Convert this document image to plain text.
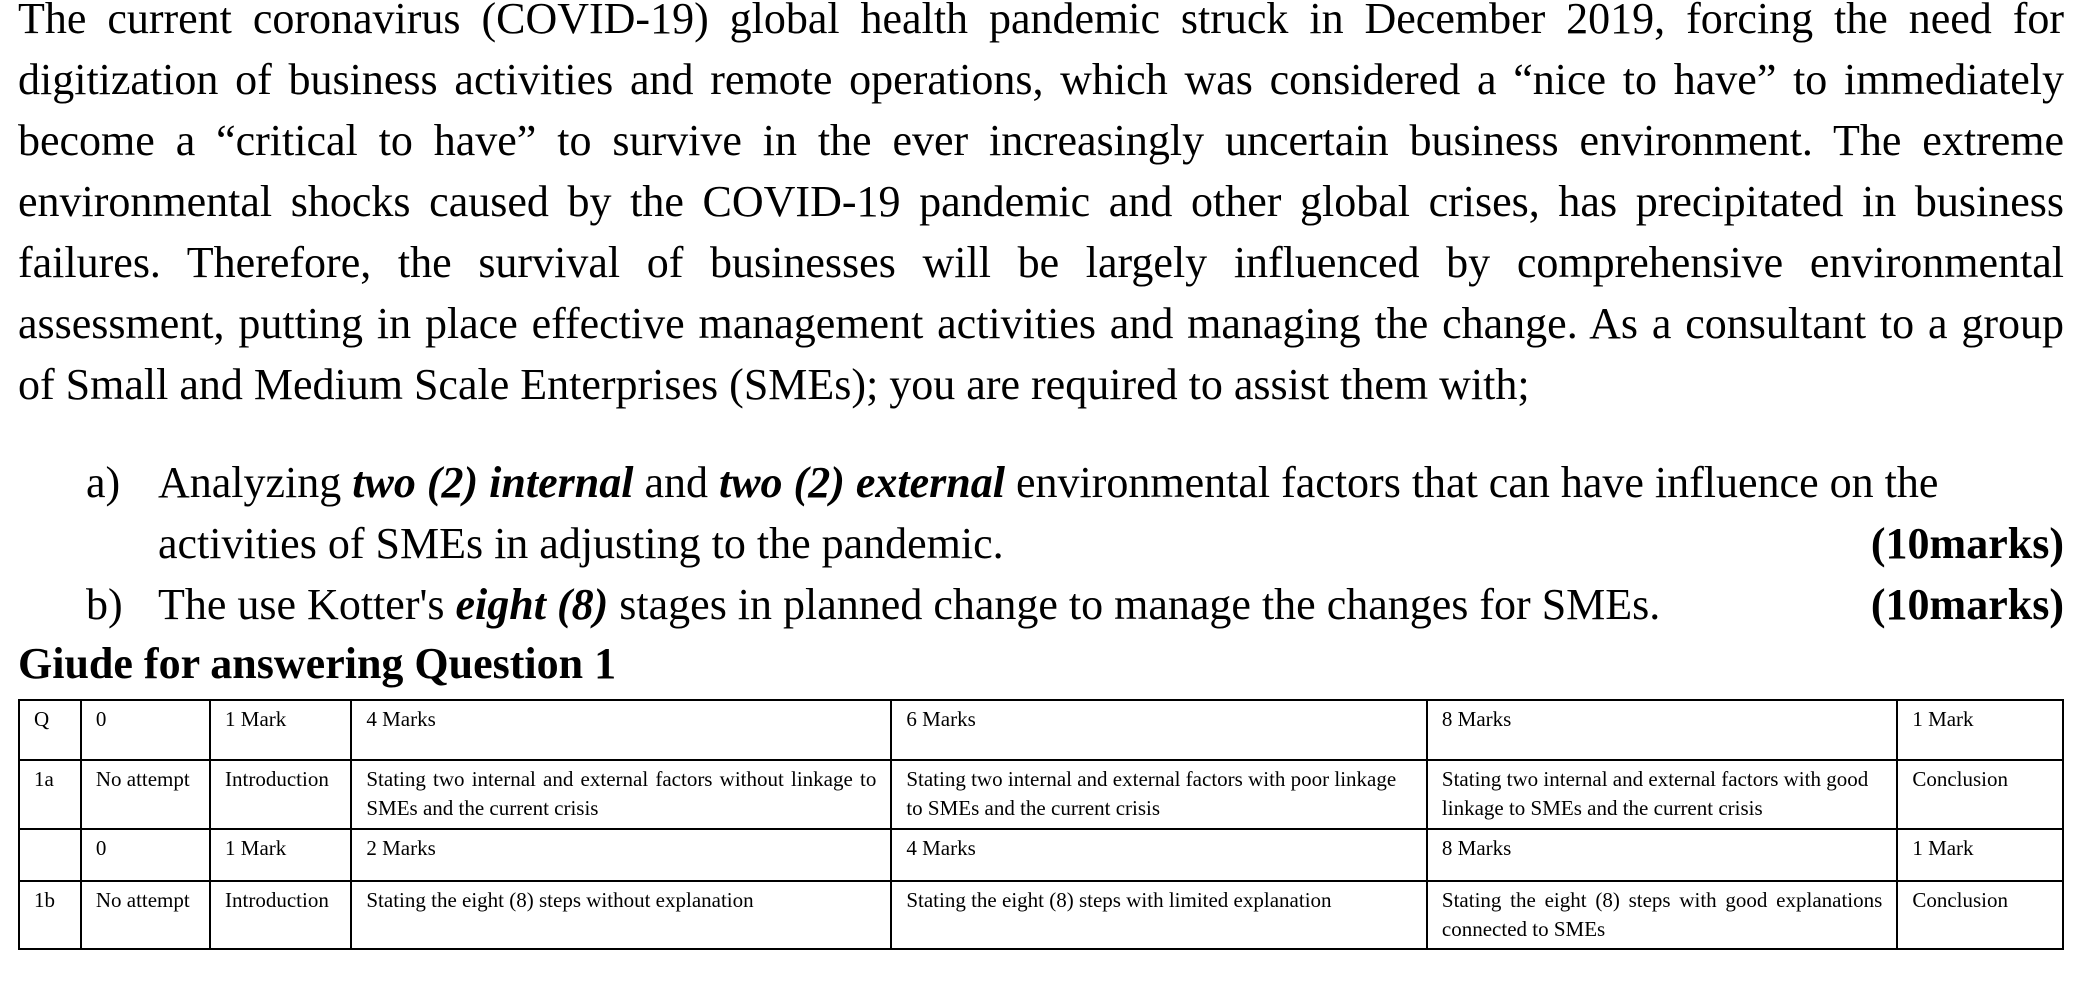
The current coronavirus (COVID-19) global health pandemic struck in December 2019, forcing the need for digitization of business activities and remote operations, which was considered a “nice to have” to immediately become a “critical to have” to survive in the ever increasingly uncertain business environment. The extreme environmental shocks caused by the COVID-19 pandemic and other global crises, has precipitated in business failures. Therefore, the survival of businesses will be largely influenced by comprehensive environmental assessment, putting in place effective management activities and managing the change. As a consultant to a group of Small and Medium Scale Enterprises (SMEs); you are required to assist them with;

a) Analyzing two (2) internal and two (2) external environmental factors that can have influence on the
activities of SMEs in adjusting to the pandemic.	(10marks)
b) The use Kotter's eight (8) stages in planned change to manage the changes for SMEs.	(10marks)
Giude for answering Question 1
Q	0	1 Mark	4 Marks	6 Marks	8 Marks	1 Mark
1a	No attempt	Introduction	Stating two internal and external factors without linkage to SMEs and the current crisis	Stating two internal and external factors with poor linkage to SMEs and the current crisis	Stating two internal and external factors with good linkage to SMEs and the current crisis	Conclusion
	0	1 Mark	2 Marks	4 Marks	8 Marks	1 Mark
1b	No attempt	Introduction	Stating the eight (8) steps without explanation	Stating the eight (8) steps with limited explanation	Stating the eight (8) steps with good explanations connected to SMEs	Conclusion
